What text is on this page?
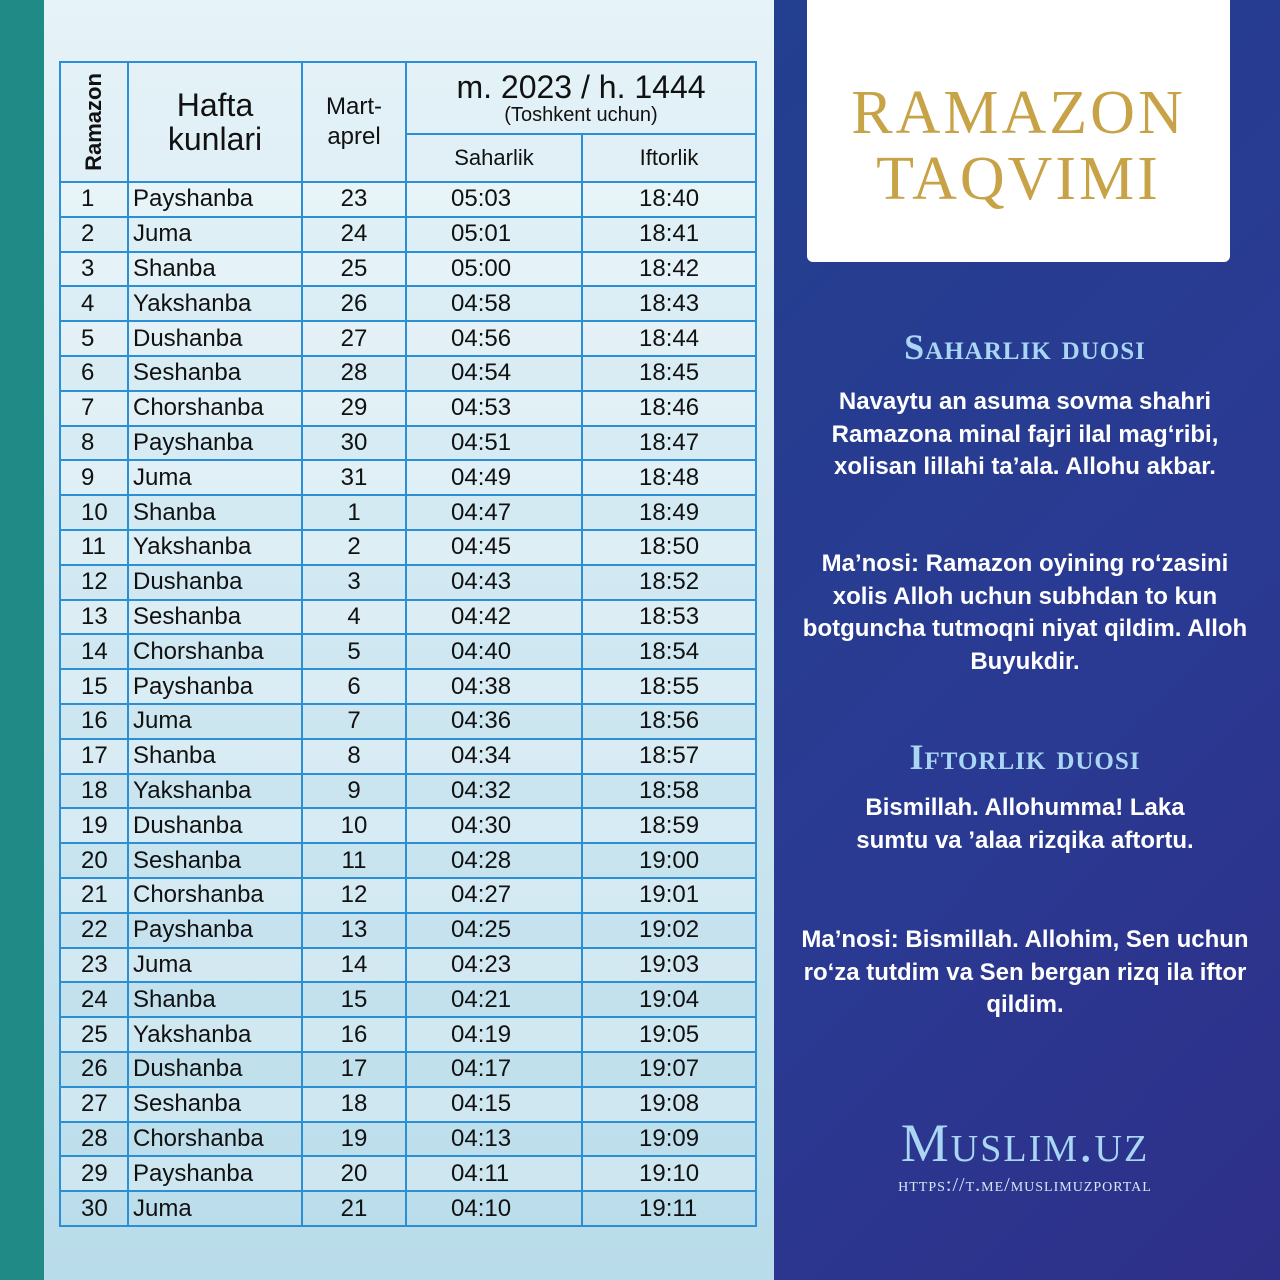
Ramazon	Hafta kunlari	Mart-aprel	m. 2023 / h. 1444
(Toshkent uchun)	

			Saharlik	Iftorlik
1	Payshanba	23	05:03	18:40
2	Juma	24	05:01	18:41
3	Shanba	25	05:00	18:42
4	Yakshanba	26	04:58	18:43
5	Dushanba	27	04:56	18:44
6	Seshanba	28	04:54	18:45
7	Chorshanba	29	04:53	18:46
8	Payshanba	30	04:51	18:47
9	Juma	31	04:49	18:48
10	Shanba	1	04:47	18:49
11	Yakshanba	2	04:45	18:50
12	Dushanba	3	04:43	18:52
13	Seshanba	4	04:42	18:53
14	Chorshanba	5	04:40	18:54
15	Payshanba	6	04:38	18:55
16	Juma	7	04:36	18:56
17	Shanba	8	04:34	18:57
18	Yakshanba	9	04:32	18:58
19	Dushanba	10	04:30	18:59
20	Seshanba	11	04:28	19:00
21	Chorshanba	12	04:27	19:01
22	Payshanba	13	04:25	19:02
23	Juma	14	04:23	19:03
24	Shanba	15	04:21	19:04
25	Yakshanba	16	04:19	19:05
26	Dushanba	17	04:17	19:07
27	Seshanba	18	04:15	19:08
28	Chorshanba	19	04:13	19:09
29	Payshanba	20	04:11	19:10
30	Juma	21	04:10	19:11
RAMAZON
TAQVIMI
Saharlik duosi
Navaytu an asuma sovma shahri Ramazona minal fajri ilal mag‘ribi, xolisan lillahi ta’ala. Allohu akbar.
Ma’nosi: Ramazon oyining ro‘zasini xolis Alloh uchun subhdan to kun botguncha tutmoqni niyat qildim. Alloh Buyukdir.
Iftorlik duosi
Bismillah. Allohumma! Laka sumtu va ’alaa rizqika aftortu.
Ma’nosi: Bismillah. Allohim, Sen uchun ro‘za tutdim va Sen bergan rizq ila iftor qildim.
Muslim.uz
https://t.me/muslimuzportal
